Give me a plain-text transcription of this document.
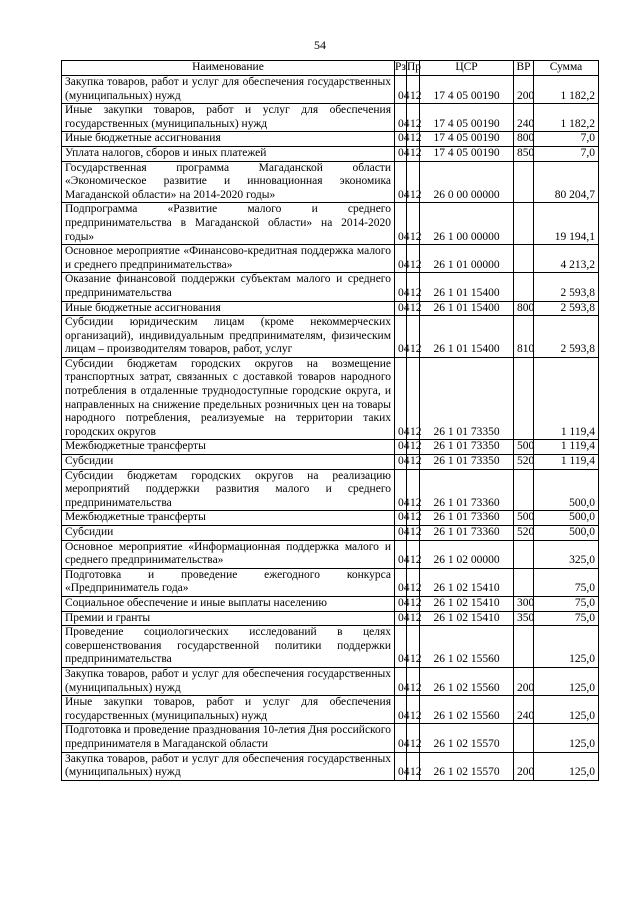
54
Наименование	Рз	Пр	ЦСР	ВР	Сумма
Закупка товаров, работ и услуг для обеспечения государственных (муниципальных) нужд	04	12	17 4 05 00190	200	1 182,2
Иные закупки товаров, работ и услуг для обеспечения государственных (муниципальных) нужд	04	12	17 4 05 00190	240	1 182,2
Иные бюджетные ассигнования	04	12	17 4 05 00190	800	7,0
Уплата налогов, сборов и иных платежей	04	12	17 4 05 00190	850	7,0
Государственная программа Магаданской области «Экономическое развитие и инновационная экономика Магаданской области» на 2014-2020 годы»	04	12	26 0 00 00000		80 204,7
Подпрограмма «Развитие малого и среднего предпринимательства в Магаданской области» на 2014-2020 годы»	04	12	26 1 00 00000		19 194,1
Основное мероприятие «Финансово-кредитная поддержка малого и среднего предпринимательства»	04	12	26 1 01 00000		4 213,2
Оказание финансовой поддержки субъектам малого и среднего предпринимательства	04	12	26 1 01 15400		2 593,8
Иные бюджетные ассигнования	04	12	26 1 01 15400	800	2 593,8
Субсидии юридическим лицам (кроме некоммерческих организаций), индивидуальным предпринимателям, физическим лицам – производителям товаров, работ, услуг	04	12	26 1 01 15400	810	2 593,8
Субсидии бюджетам городских округов на возмещение транспортных затрат, связанных с доставкой товаров народного потребления в отдаленные труднодоступные городские округа, и направленных на снижение предельных розничных цен на товары народного потребления, реализуемые на территории таких городских округов	04	12	26 1 01 73350		1 119,4
Межбюджетные трансферты	04	12	26 1 01 73350	500	1 119,4
Субсидии	04	12	26 1 01 73350	520	1 119,4
Субсидии бюджетам городских округов на реализацию мероприятий поддержки развития малого и среднего предпринимательства	04	12	26 1 01 73360		500,0
Межбюджетные трансферты	04	12	26 1 01 73360	500	500,0
Субсидии	04	12	26 1 01 73360	520	500,0
Основное мероприятие «Информационная поддержка малого и среднего предпринимательства»	04	12	26 1 02 00000		325,0
Подготовка и проведение ежегодного конкурса «Предприниматель года»	04	12	26 1 02 15410		75,0
Социальное обеспечение и иные выплаты населению	04	12	26 1 02 15410	300	75,0
Премии и гранты	04	12	26 1 02 15410	350	75,0
Проведение социологических исследований в целях совершенствования государственной политики поддержки предпринимательства	04	12	26 1 02 15560		125,0
Закупка товаров, работ и услуг для обеспечения государственных (муниципальных) нужд	04	12	26 1 02 15560	200	125,0
Иные закупки товаров, работ и услуг для обеспечения государственных (муниципальных) нужд	04	12	26 1 02 15560	240	125,0
Подготовка и проведение празднования 10-летия Дня российского предпринимателя в Магаданской области	04	12	26 1 02 15570		125,0
Закупка товаров, работ и услуг для обеспечения государственных (муниципальных) нужд	04	12	26 1 02 15570	200	125,0
